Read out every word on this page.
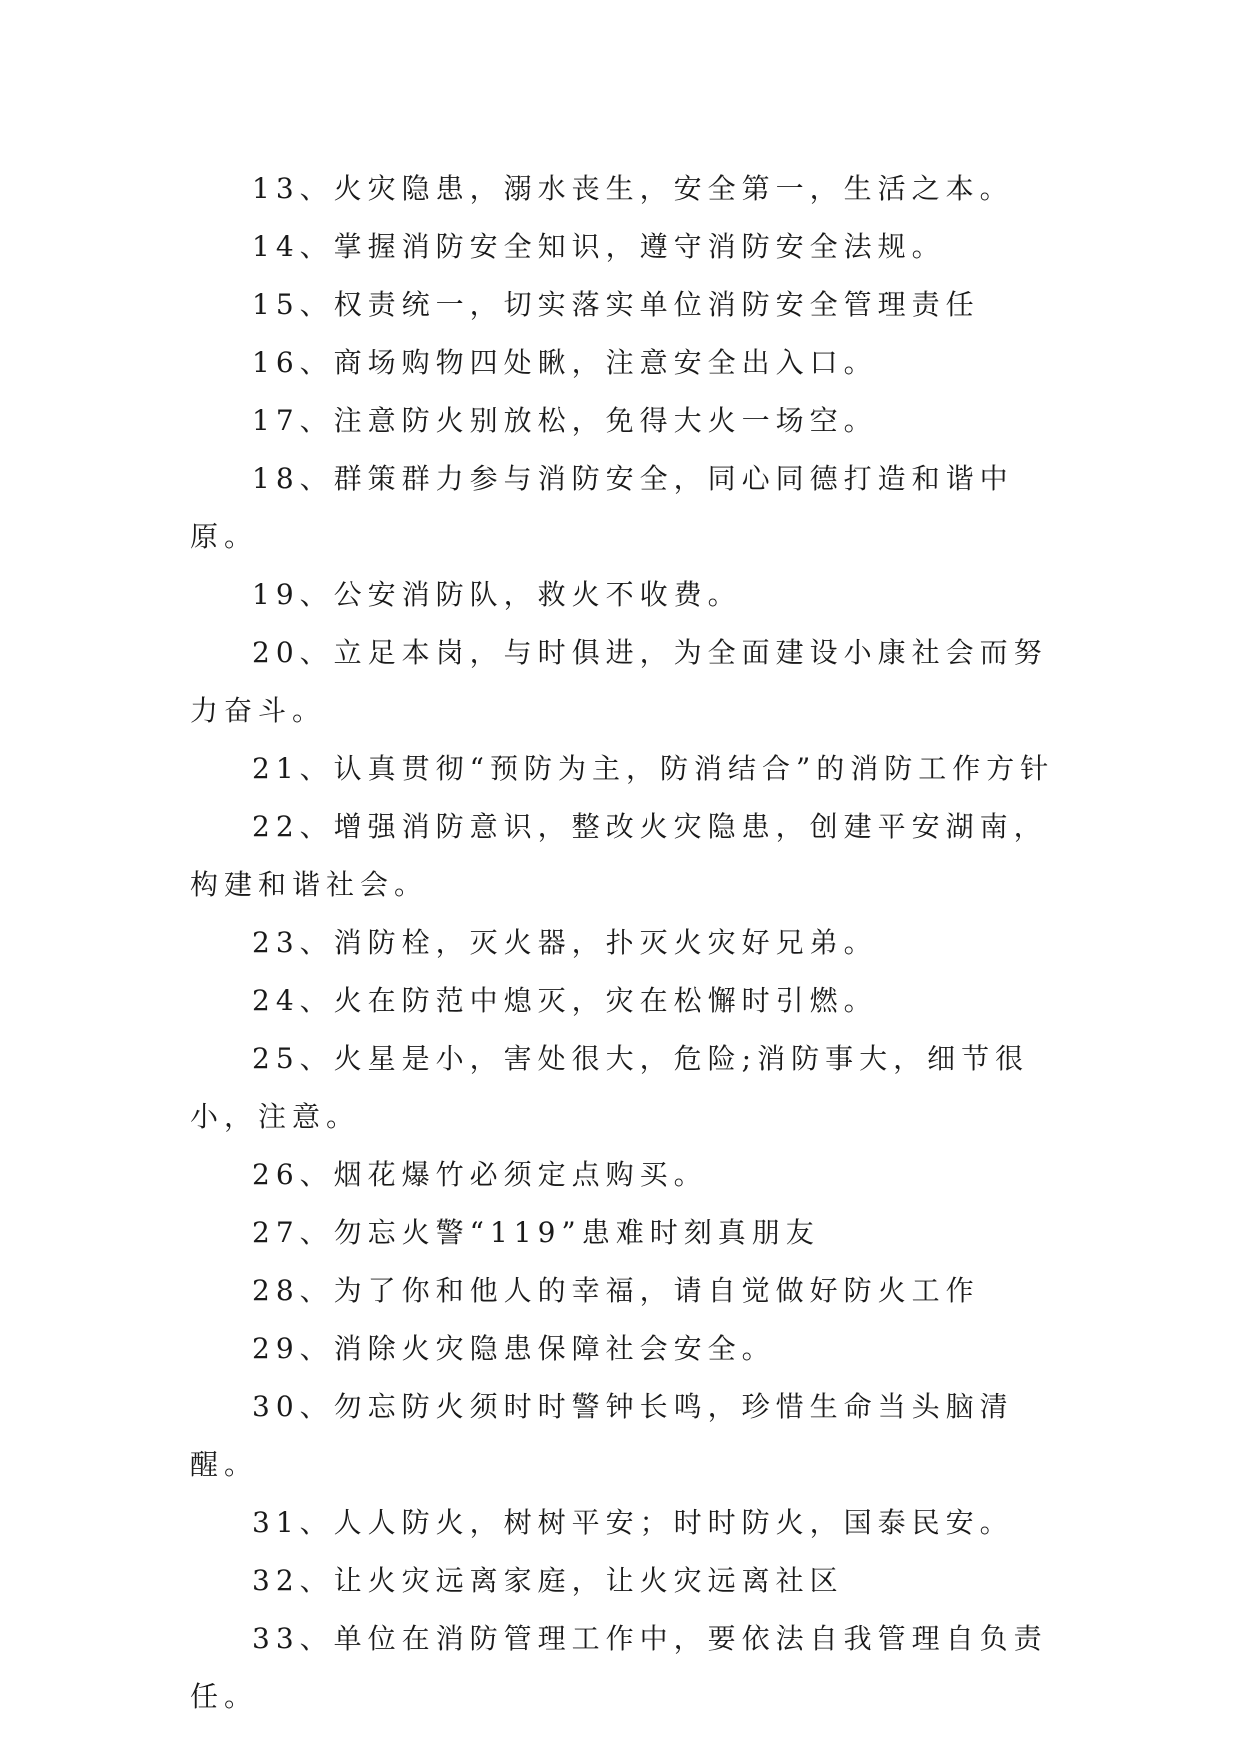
13、火灾隐患，溺水丧生，安全第一，生活之本。

14、掌握消防安全知识，遵守消防安全法规。

15、权责统一，切实落实单位消防安全管理责任

16、商场购物四处瞅，注意安全出入口。

17、注意防火别放松，免得大火一场空。

18、群策群力参与消防安全，同心同德打造和谐中原。

19、公安消防队，救火不收费。

20、立足本岗，与时俱进，为全面建设小康社会而努力奋斗。

21、认真贯彻“预防为主，防消结合”的消防工作方针

22、增强消防意识，整改火灾隐患，创建平安湖南，构建和谐社会。

23、消防栓，灭火器，扑灭火灾好兄弟。

24、火在防范中熄灭，灾在松懈时引燃。

25、火星是小，害处很大，危险;消防事大，细节很小，注意。

26、烟花爆竹必须定点购买。

27、勿忘火警“119”患难时刻真朋友

28、为了你和他人的幸福，请自觉做好防火工作

29、消除火灾隐患保障社会安全。

30、勿忘防火须时时警钟长鸣，珍惜生命当头脑清醒。

31、人人防火，树树平安；时时防火，国泰民安。

32、让火灾远离家庭，让火灾远离社区

33、单位在消防管理工作中，要依法自我管理自负责任。
